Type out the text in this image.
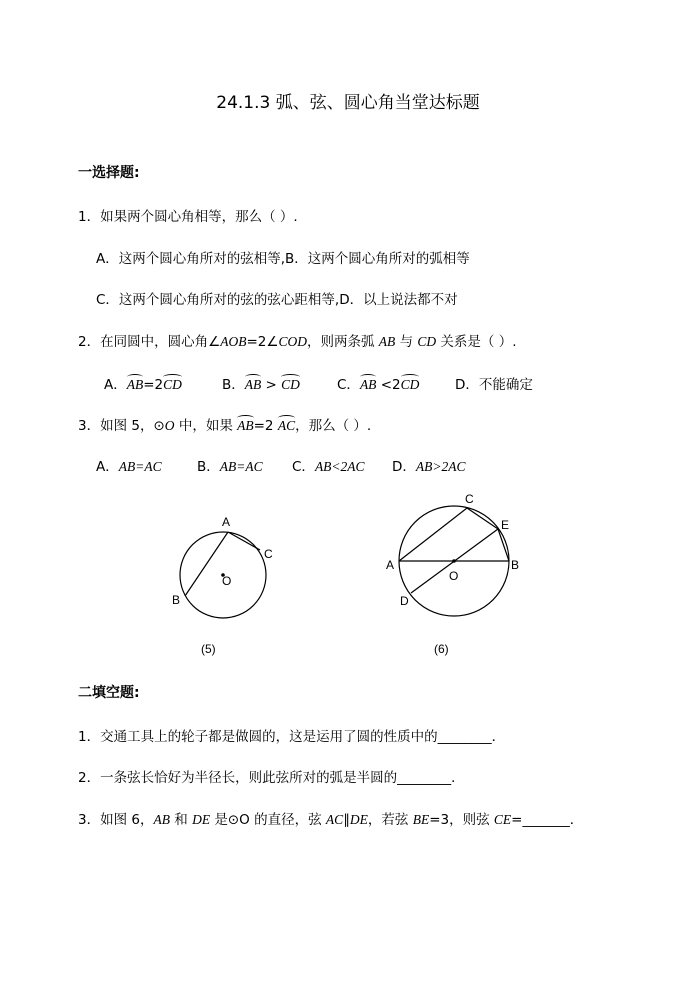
24.1.3 弧、弦、圆心角当堂达标题
一选择题:
1．如果两个圆心角相等，那么（ ）.
A．这两个圆心角所对的弦相等,B．这两个圆心角所对的弧相等
C．这两个圆心角所对的弦的弦心距相等,D．以上说法都不对
2．在同圆中，圆心角∠AOB=2∠COD，则两条弧 AB 与 CD 关系是（ ）.
A．AB=2CD	B．AB > CD	C．AB <2CD	D．不能确定
3．如图 5，⊙O 中，如果 AB=2 AC，那么（ ）.
A．AB=AC	B．AB=AC C．AB<2AC D．AB>2AC
A
C
B
O
(5)
C
E
A	B
O
D
(6)
二填空题:
1．交通工具上的轮子都是做圆的，这是运用了圆的性质中的________．
2．一条弦长恰好为半径长，则此弦所对的弧是半圆的________．
3．如图 6，AB 和 DE 是⊙O 的直径，弦 AC∥DE，若弦 BE=3，则弦 CE=_______．
